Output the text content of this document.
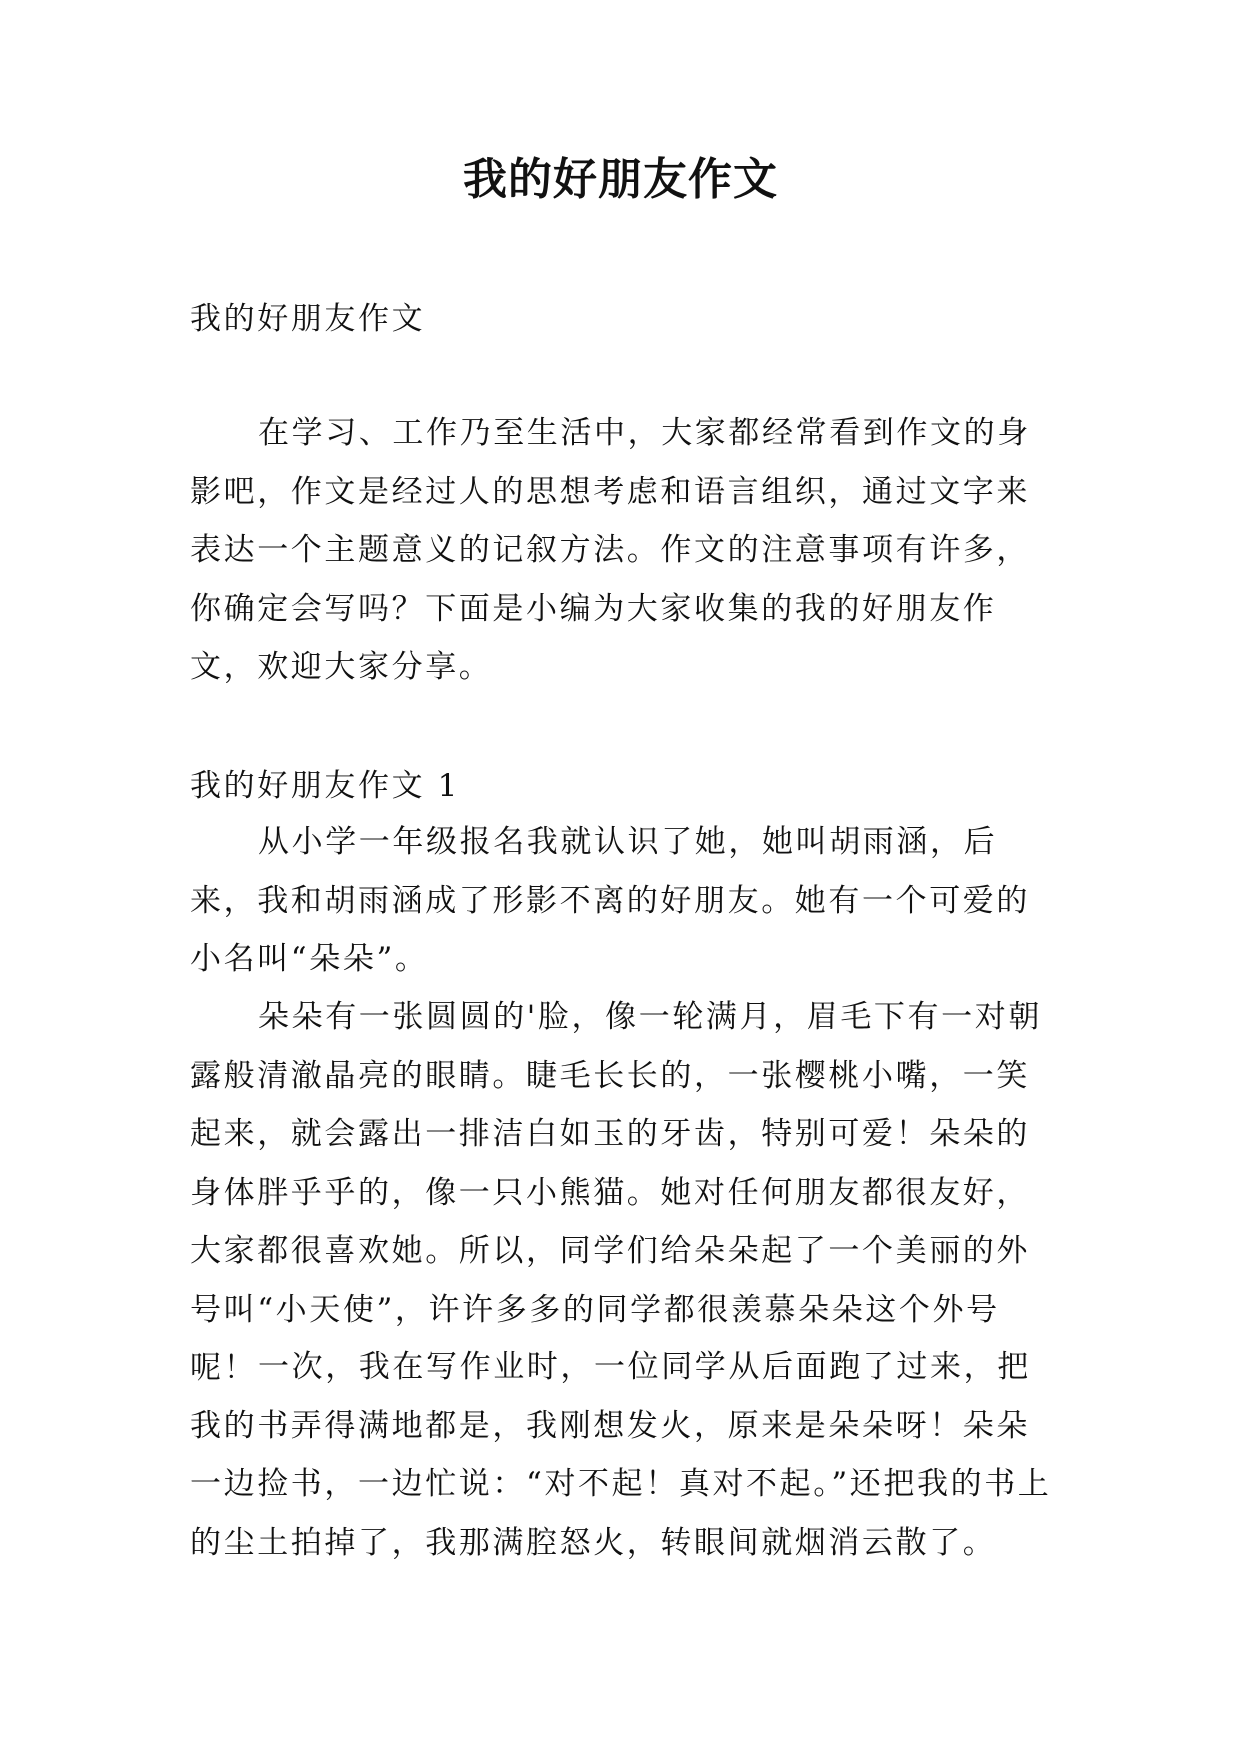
我的好朋友作文

我的好朋友作文

在学习、工作乃至生活中，大家都经常看到作文的身影吧，作文是经过人的思想考虑和语言组织，通过文字来表达一个主题意义的记叙方法。作文的注意事项有许多，你确定会写吗？下面是小编为大家收集的我的好朋友作文，欢迎大家分享。

我的好朋友作文 1

从小学一年级报名我就认识了她，她叫胡雨涵，后来，我和胡雨涵成了形影不离的好朋友。她有一个可爱的小名叫“朵朵”。

朵朵有一张圆圆的'脸，像一轮满月，眉毛下有一对朝露般清澈晶亮的眼睛。睫毛长长的，一张樱桃小嘴，一笑起来，就会露出一排洁白如玉的牙齿，特别可爱！朵朵的身体胖乎乎的，像一只小熊猫。她对任何朋友都很友好，大家都很喜欢她。所以，同学们给朵朵起了一个美丽的外号叫“小天使”，许许多多的同学都很羡慕朵朵这个外号呢！ 一次，我在写作业时，一位同学从后面跑了过来，把我的书弄得满地都是，我刚想发火，原来是朵朵呀！朵朵一边捡书，一边忙说：“对不起！真对不起。”还把我的书上的尘土拍掉了，我那满腔怒火，转眼间就烟消云散了。
